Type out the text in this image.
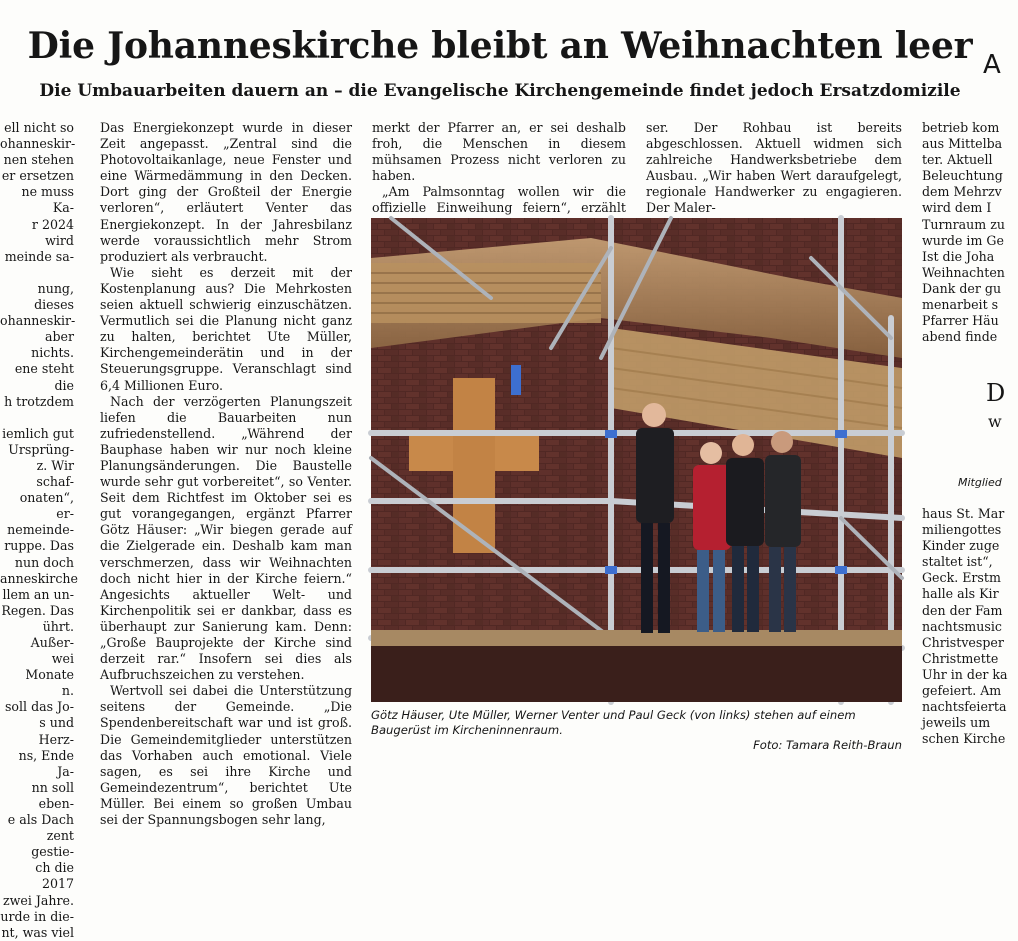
Die Johanneskirche bleibt an Weihnachten leer A
Die Umbauarbeiten dauern an – die Evangelische Kirchengemeinde findet jedoch Ersatzdomizile
ell nicht so
ohanneskir-
nen stehen
er ersetzen
ne muss Ka-
r 2024 wird
meinde sa-

nung, dieses
ohanneskir-
aber nichts.
ene steht die
h trotzdem

iemlich gut
Ursprüng-
z. Wir schaf-
onaten“, er-
nemeinde-
ruppe. Das
nun doch
anneskirche
llem an un-
Regen. Das
ührt. Außer-
wei Monate
n.
soll das Jo-
s und Herz-
ns, Ende Ja-
nn soll eben-
e als Dach
zent gestie-
ch die 2017
zwei Jahre.
urde in die-
nt, was viel

Das Energiekonzept wurde in dieser Zeit angepasst. „Zentral sind die Photovoltaikanlage, neue Fenster und eine Wärmedämmung in den Decken. Dort ging der Großteil der Energie verloren“, erläutert Venter das Energiekonzept. In der Jahresbilanz werde voraussichtlich mehr Strom produziert als verbraucht.

Wie sieht es derzeit mit der Kostenplanung aus? Die Mehrkosten seien aktuell schwierig einzuschätzen. Vermutlich sei die Planung nicht ganz zu halten, berichtet Ute Müller, Kirchengemeinderätin und in der Steuerungsgruppe. Veranschlagt sind 6,4 Millionen Euro.

Nach der verzögerten Planungszeit liefen die Bauarbeiten nun zufriedenstellend. „Während der Bauphase haben wir nur noch kleine Planungsänderungen. Die Baustelle wurde sehr gut vorbereitet“, so Venter. Seit dem Richtfest im Oktober sei es gut vorangegangen, ergänzt Pfarrer Götz Häuser: „Wir biegen gerade auf die Zielgerade ein. Deshalb kam man verschmerzen, dass wir Weihnachten doch nicht hier in der Kirche feiern.“ Angesichts aktueller Welt- und Kirchenpolitik sei er dankbar, dass es überhaupt zur Sanierung kam. Denn: „Große Bauprojekte der Kirche sind derzeit rar.“ Insofern sei dies als Aufbruchszeichen zu verstehen.

Wertvoll sei dabei die Unterstützung seitens der Gemeinde. „Die Spendenbereitschaft war und ist groß. Die Gemeindemitglieder unterstützen das Vorhaben auch emotional. Viele sagen, es sei ihre Kirche und Gemeindezentrum“, berichtet Ute Müller. Bei einem so großen Umbau sei der Spannungsbogen sehr lang,

merkt der Pfarrer an, er sei deshalb froh, die Menschen in diesem mühsamen Prozess nicht verloren zu haben.

„Am Palmsonntag wollen wir die offizielle Einweihung feiern“, erzählt

ser. Der Rohbau ist bereits abgeschlossen. Aktuell widmen sich zahlreiche Handwerksbetriebe dem Ausbau. „Wir haben Wert daraufgelegt, regionale Handwerker zu engagieren. Der Maler-

betrieb kom
aus Mittelba
ter. Aktuell
Beleuchtung
dem Mehrzv
wird dem I
Turnraum zu
wurde im Ge
Ist die Joha
Weihnachten
Dank der gu
menarbeit s
Pfarrer Häu
abend finde
D
w
Mitglied
haus St. Mar
miliengottes
Kinder zuge
staltet ist“,
Geck. Erstm
halle als Kir
den der Fam
nachtsmusic
Christvesper
Christmette
Uhr in der ka
gefeiert. Am
nachtsfeierta
jeweils um
schen Kirche

Götz Häuser, Ute Müller, Werner Venter und Paul Geck (von links) stehen auf einem Baugerüst im Kircheninnenraum.
Foto: Tamara Reith-Braun
